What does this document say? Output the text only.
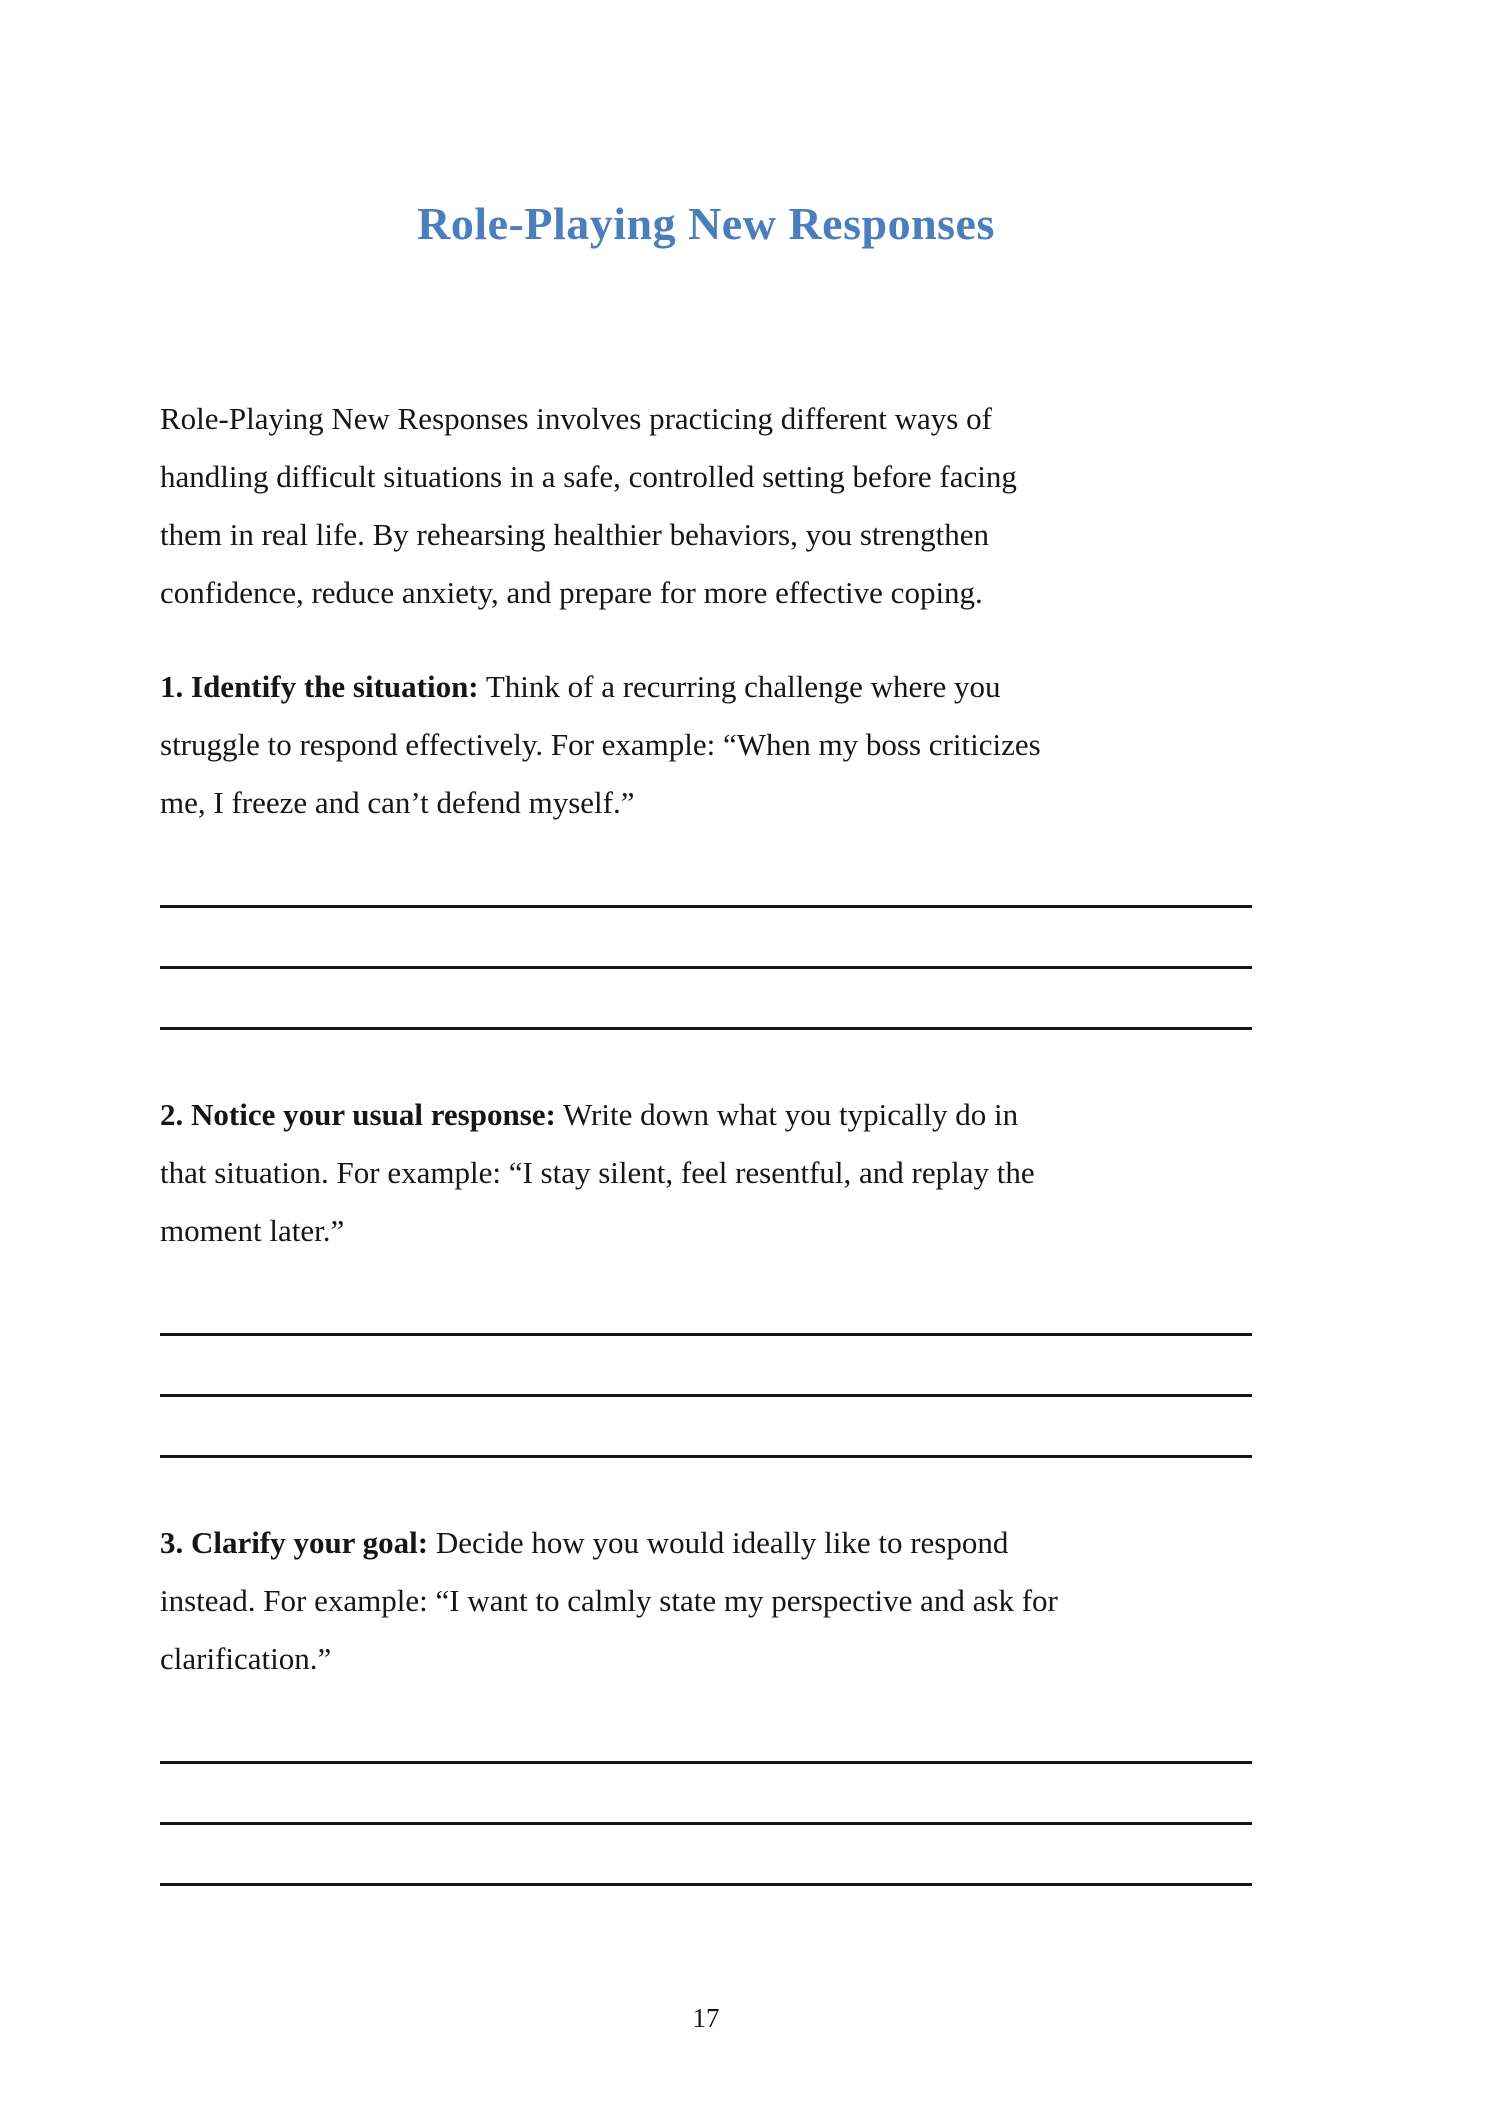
Role-Playing New Responses
Role-Playing New Responses involves practicing different ways of
handling difficult situations in a safe, controlled setting before facing
them in real life. By rehearsing healthier behaviors, you strengthen
confidence, reduce anxiety, and prepare for more effective coping.
1. Identify the situation: Think of a recurring challenge where you
struggle to respond effectively. For example: “When my boss criticizes
me, I freeze and can’t defend myself.”
2. Notice your usual response: Write down what you typically do in
that situation. For example: “I stay silent, feel resentful, and replay the
moment later.”
3. Clarify your goal: Decide how you would ideally like to respond
instead. For example: “I want to calmly state my perspective and ask for
clarification.”
17
